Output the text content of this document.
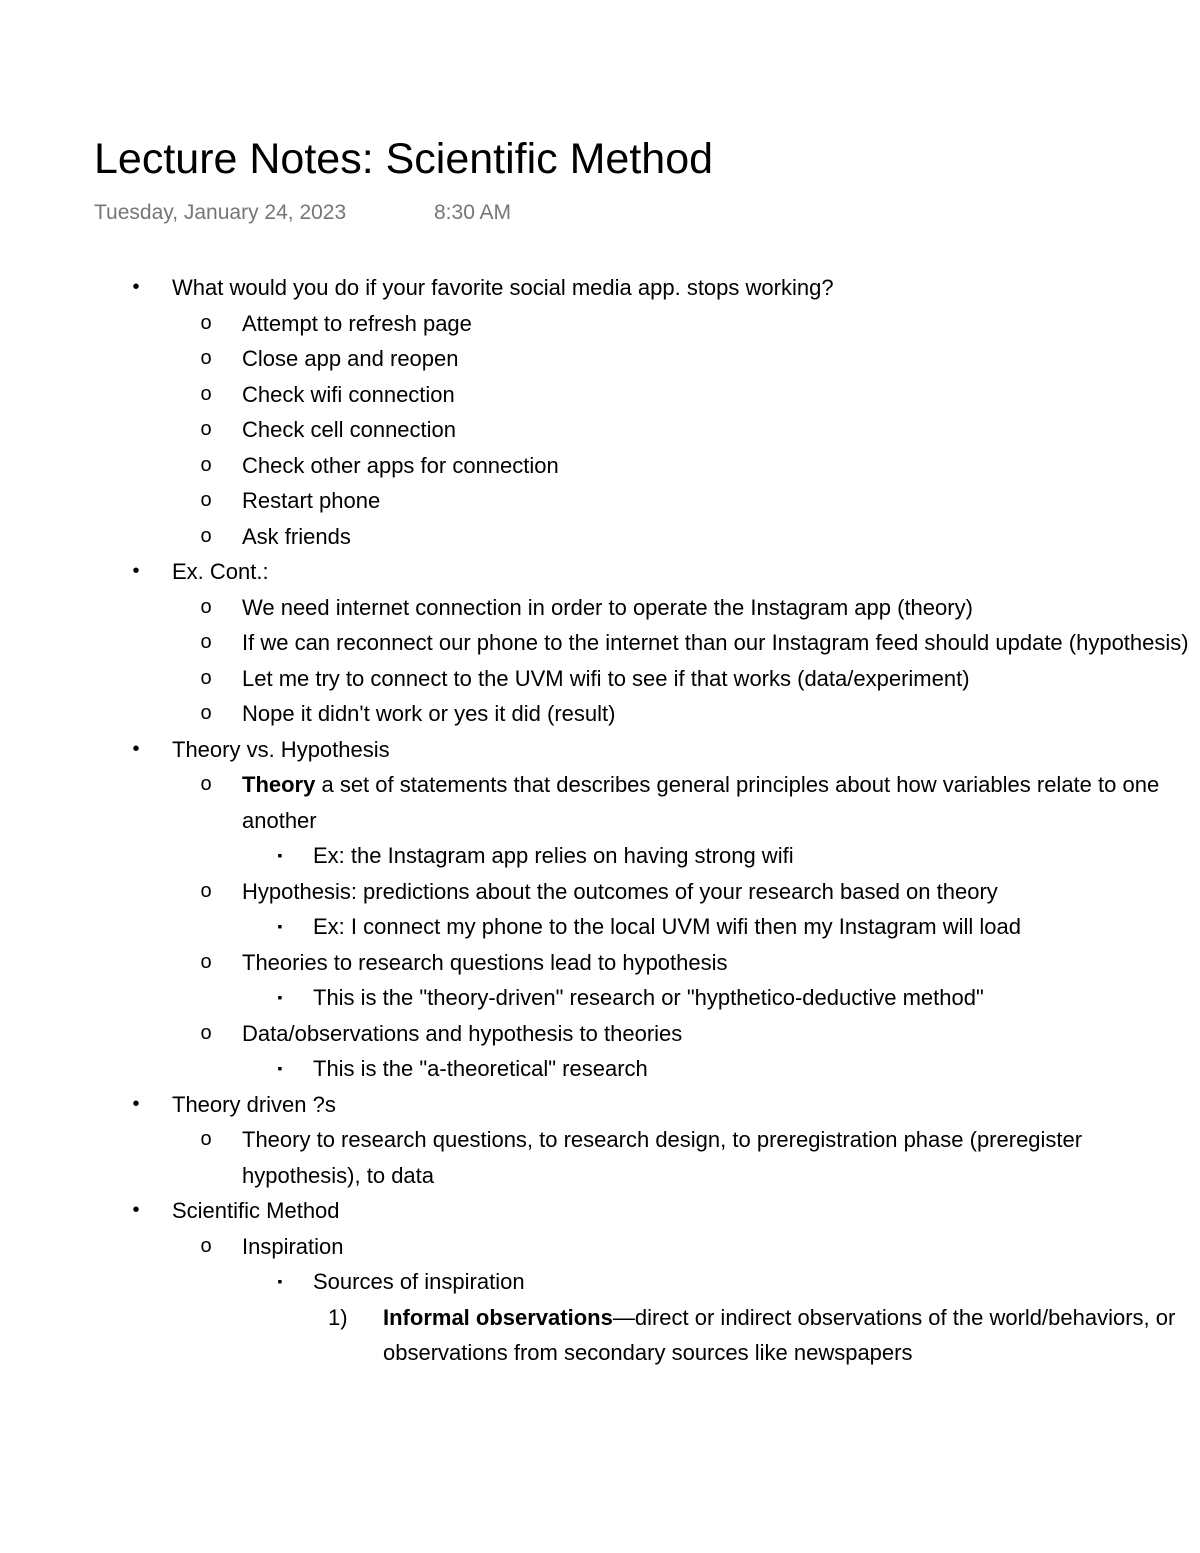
Lecture Notes: Scientific Method
Tuesday, January 24, 2023	8:30 AM
• What would you do if your favorite social media app. stops working?
o Attempt to refresh page
o Close app and reopen
o Check wifi connection
o Check cell connection
o Check other apps for connection
o Restart phone
o Ask friends
• Ex. Cont.:
o We need internet connection in order to operate the Instagram app (theory)
o If we can reconnect our phone to the internet than our Instagram feed should update (hypothesis)
o Let me try to connect to the UVM wifi to see if that works (data/experiment)
o Nope it didn't work or yes it did (result)
• Theory vs. Hypothesis
o Theory a set of statements that describes general principles about how variables relate to one another
▪	Ex: the Instagram app relies on having strong wifi
o Hypothesis: predictions about the outcomes of your research based on theory
▪	Ex: I connect my phone to the local UVM wifi then my Instagram will load
o Theories to research questions lead to hypothesis
▪	This is the "theory-driven" research or "hypthetico-deductive method"
o Data/observations and hypothesis to theories
▪	This is the "a-theoretical" research
• Theory driven ?s
o Theory to research questions, to research design, to preregistration phase (preregister hypothesis), to data
• Scientific Method
o Inspiration
▪	Sources of inspiration
1)	Informal observations—direct or indirect observations of the world/behaviors, or observations from secondary sources like newspapers
